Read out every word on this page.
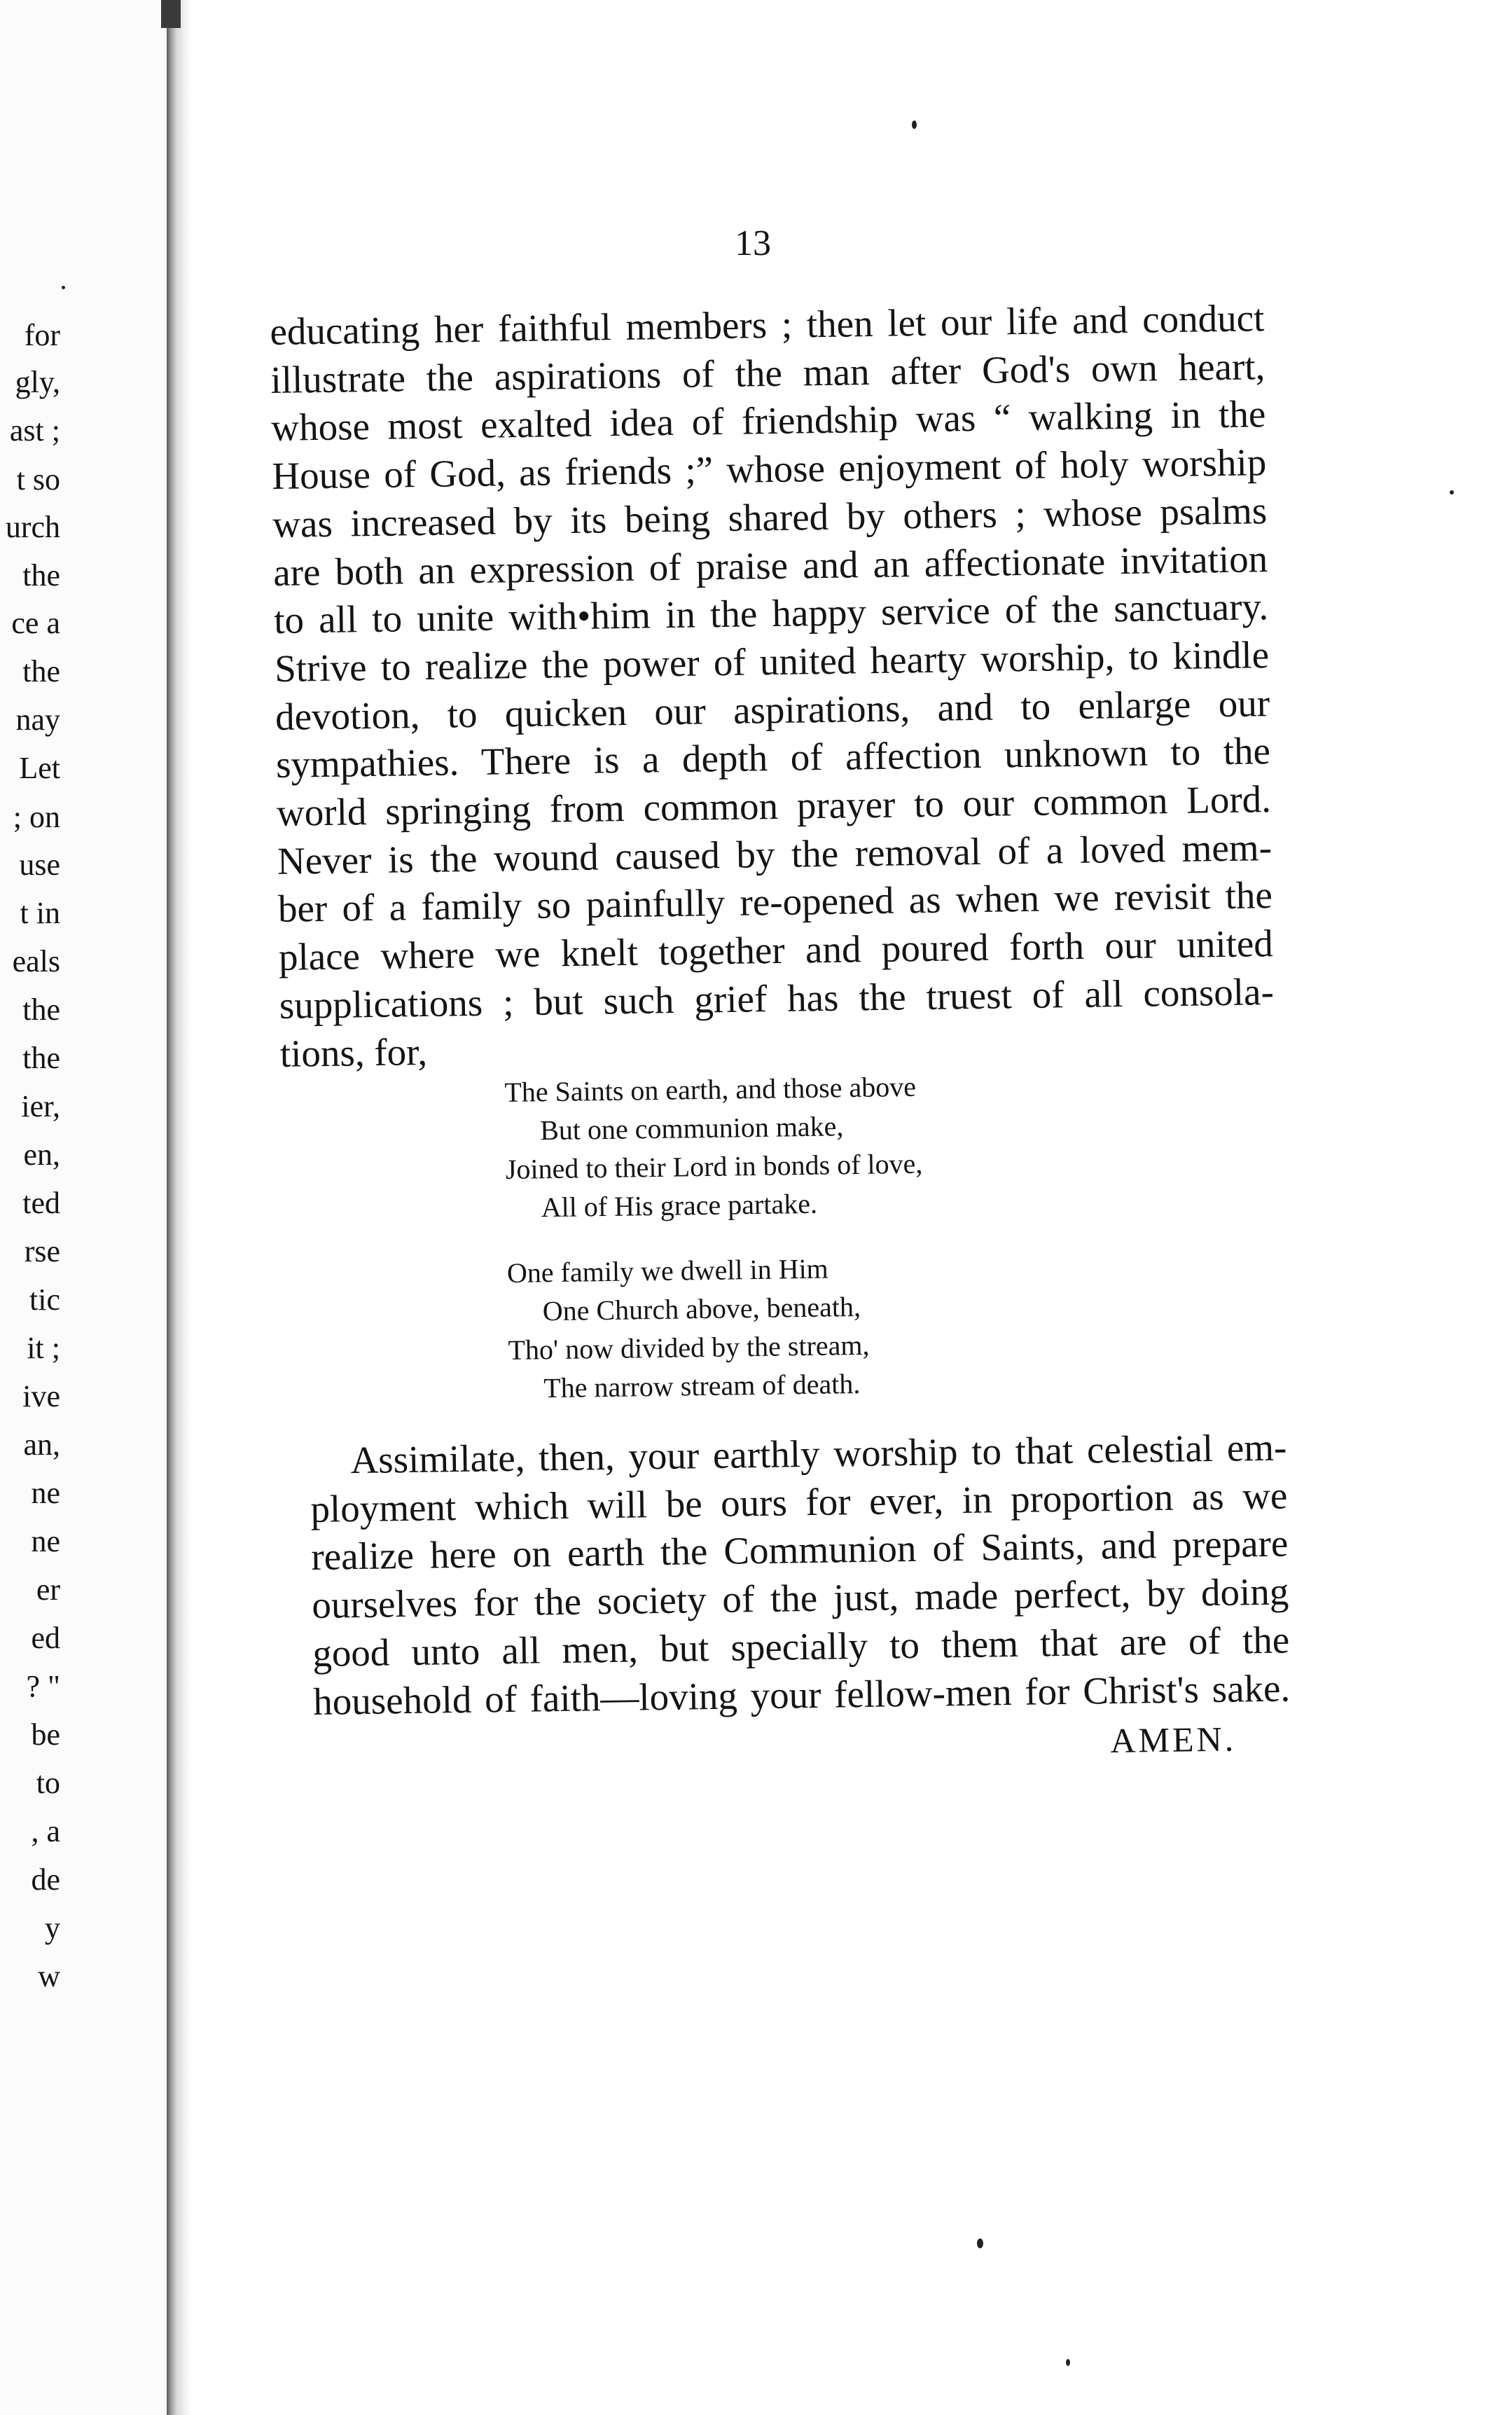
for
gly,
ast ;
t so
urch
the
ce a
the
nay
Let
; on
use
t in
eals
the
the
ier,
en,
ted
rse
tic
it ;
ive
an,
ne
ne
er
ed
? "
be
to
, a
de
y
w
13
educating her faithful members ; then let our life and conduct
illustrate the aspirations of the man after God's own heart,
whose most exalted idea of friendship was “ walking in the
House of God, as friends ;” whose enjoyment of holy worship
was increased by its being shared by others ; whose psalms
are both an expression of praise and an affectionate invitation
to all to unite with•him in the happy service of the sanctuary.
Strive to realize the power of united hearty worship, to kindle
devotion, to quicken our aspirations, and to enlarge our
sympathies. There is a depth of affection unknown to the
world springing from common prayer to our common Lord.
Never is the wound caused by the removal of a loved mem-
ber of a family so painfully re-opened as when we revisit the
place where we knelt together and poured forth our united
supplications ; but such grief has the truest of all consola-
tions, for,
The Saints on earth, and those above
But one communion make,
Joined to their Lord in bonds of love,
All of His grace partake.
One family we dwell in Him
One Church above, beneath,
Tho' now divided by the stream,
The narrow stream of death.
Assimilate, then, your earthly worship to that celestial em-
ployment which will be ours for ever, in proportion as we
realize here on earth the Communion of Saints, and prepare
ourselves for the society of the just, made perfect, by doing
good unto all men, but specially to them that are of the
household of faith—loving your fellow-men for Christ's sake.
AMEN.
